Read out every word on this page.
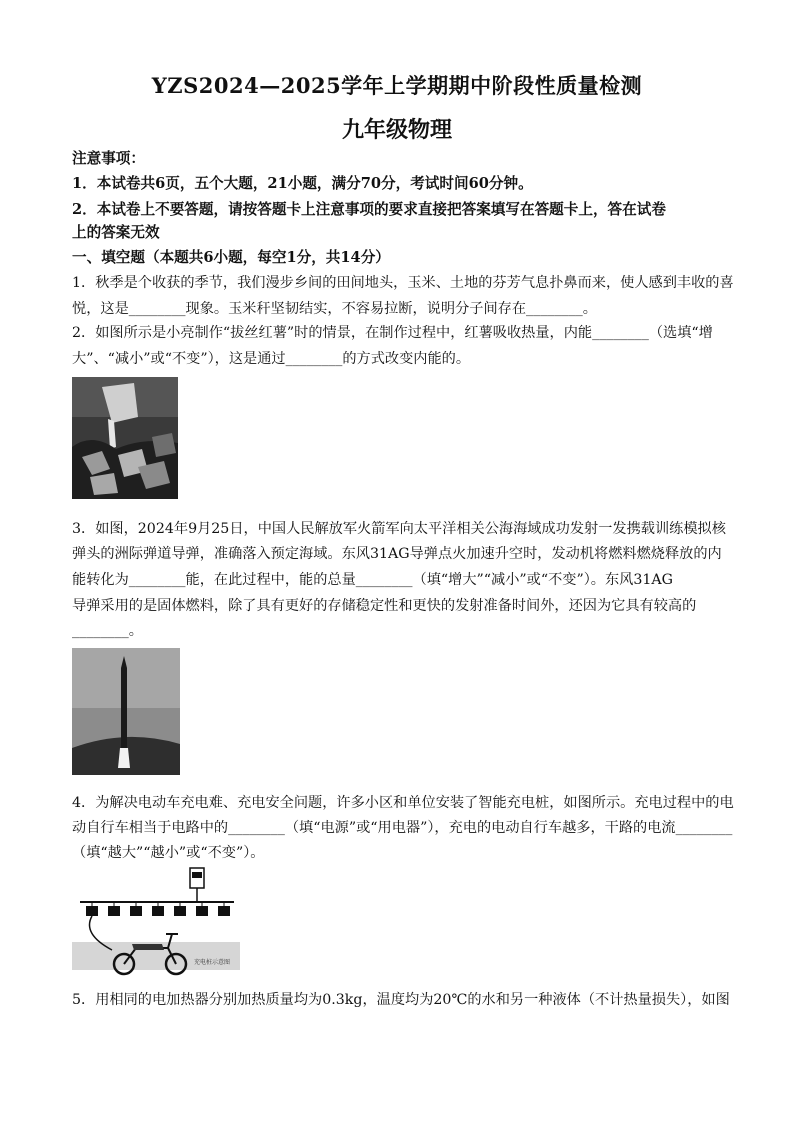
YZS2024—2025学年上学期期中阶段性质量检测
九年级物理
注意事项：
1．本试卷共6页，五个大题，21小题，满分70分，考试时间60分钟。
2．本试卷上不要答题，请按答题卡上注意事项的要求直接把答案填写在答题卡上，答在试卷
上的答案无效
一、填空题（本题共6小题，每空1分，共14分）
1．秋季是个收获的季节，我们漫步乡间的田间地头，玉米、土地的芬芳气息扑鼻而来，使人感到丰收的喜
悦，这是________现象。玉米秆坚韧结实，不容易拉断，说明分子间存在________。
2．如图所示是小亮制作“拔丝红薯”时的情景，在制作过程中，红薯吸收热量，内能________（选填“增
大”、“减小”或“不变”），这是通过________的方式改变内能的。
3．如图，2024年9月25日，中国人民解放军火箭军向太平洋相关公海海域成功发射一发携载训练模拟核
弹头的洲际弹道导弹，准确落入预定海域。东风31AG导弹点火加速升空时，发动机将燃料燃烧释放的内
能转化为________能，在此过程中，能的总量________（填“增大”“减小”或“不变”）。东风31AG
导弹采用的是固体燃料，除了具有更好的存储稳定性和更快的发射准备时间外，还因为它具有较高的
________。
4．为解决电动车充电难、充电安全问题，许多小区和单位安装了智能充电桩，如图所示。充电过程中的电
动自行车相当于电路中的________（填“电源”或“用电器”），充电的电动自行车越多，干路的电流________
（填“越大”“越小”或“不变”）。
充电桩示意图
5．用相同的电加热器分别加热质量均为0.3kg，温度均为20℃的水和另一种液体（不计热量损失），如图
